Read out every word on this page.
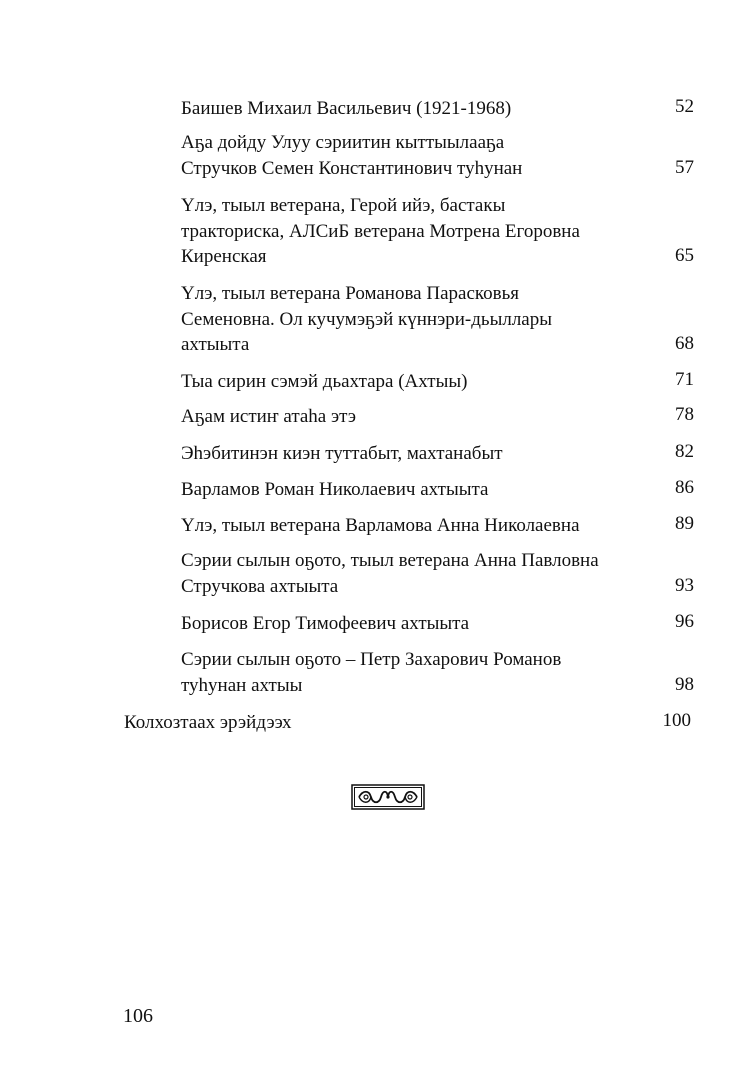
Баишев Михаил Васильевич (1921-1968)	52
Аҕа дойду Улуу сэриитин кыттыылааҕа
Стручков Семен Константинович туһунан	57
Үлэ, тыыл ветерана, Герой ийэ, бастакы
тракториска, АЛСиБ ветерана Мотрена Егоровна
Киренская	65
Үлэ, тыыл ветерана Романова Парасковья
Семеновна. Ол кучумэҕэй күннэри-дьыллары
ахтыыта	68
Тыа сирин сэмэй дьахтара (Ахтыы)	71
Аҕам истиҥ атаһа этэ	78
Эһэбитинэн киэн туттабыт, махтанабыт	82
Варламов Роман Николаевич ахтыыта	86
Үлэ, тыыл ветерана Варламова Анна Николаевна	89
Сэрии сылын оҕото, тыыл ветерана Анна Павловна
Стручкова ахтыыта	93
Борисов Егор Тимофеевич ахтыыта	96
Сэрии сылын оҕото – Петр Захарович Романов
туһунан ахтыы	98
Колхозтаах эрэйдээх	100
106
